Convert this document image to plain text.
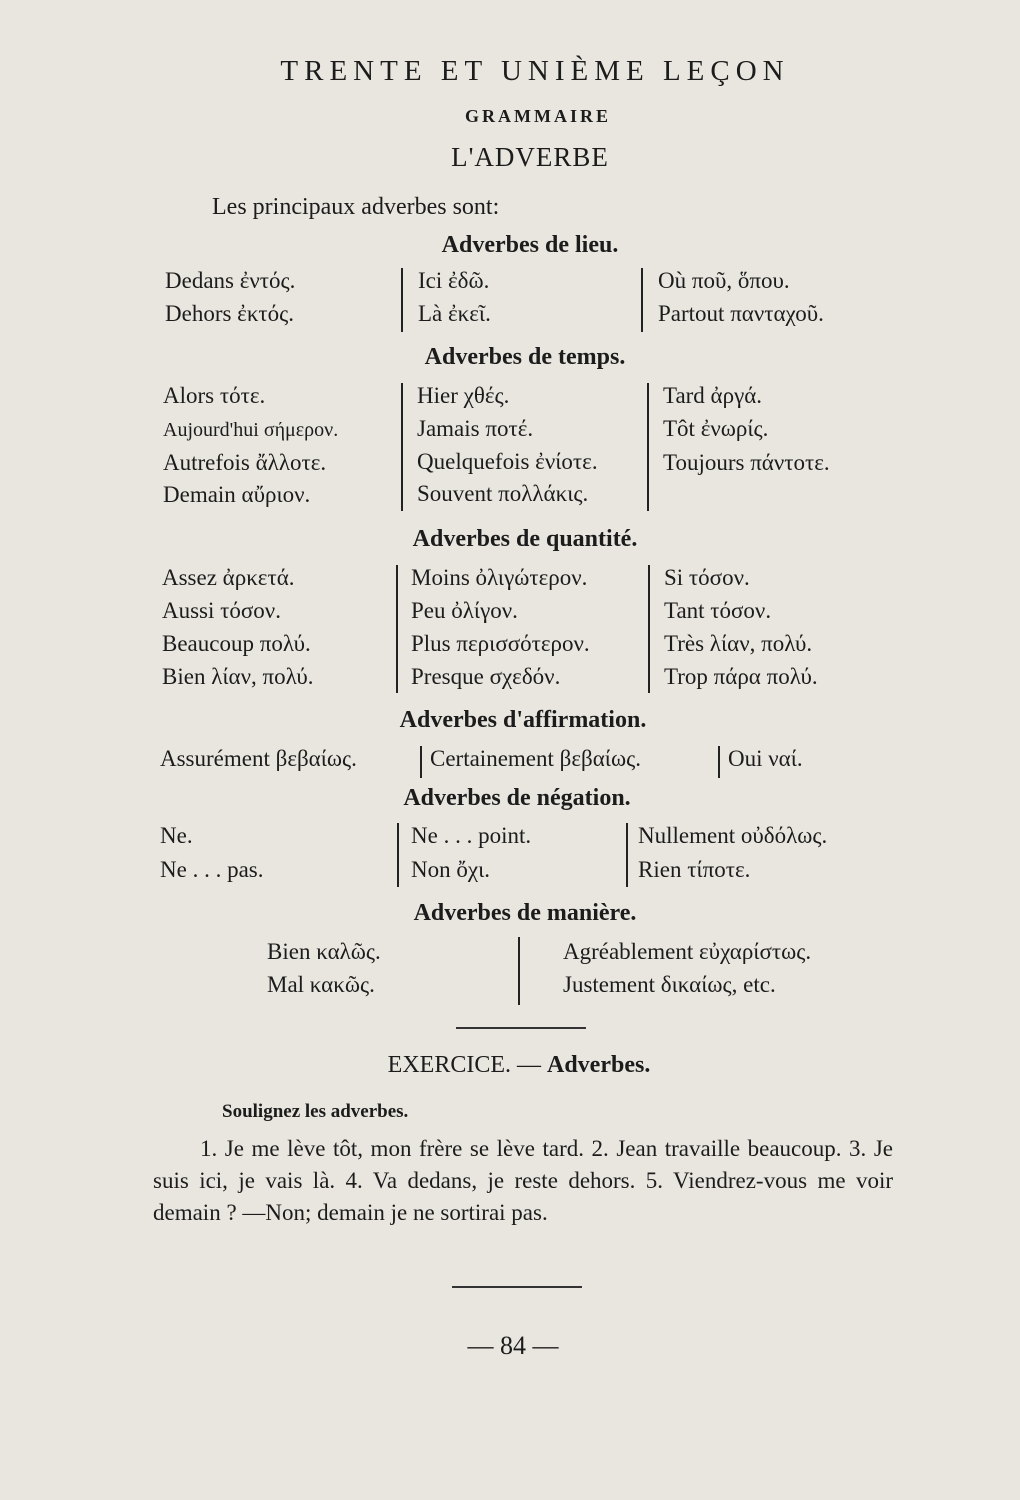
TRENTE ET UNIÈME LEÇON
GRAMMAIRE
L'ADVERBE
Les principaux adverbes sont:
Adverbes de lieu.
Dedans ἐντός.
Dehors ἐκτός.
Ici ἐδῶ.
Là ἐκεῖ.
Où ποῦ, ὅπου.
Partout πανταχοῦ.
Adverbes de temps.
Alors τότε.
Aujourd'hui σήμερον.
Autrefois ἄλλοτε.
Demain αὔριον.
Hier χθές.
Jamais ποτέ.
Quelquefois ἐνίοτε.
Souvent πολλάκις.
Tard ἀργά.
Tôt ἐνωρίς.
Toujours πάντοτε.
Adverbes de quantité.
Assez ἀρκετά.
Aussi τόσον.
Beaucoup πολύ.
Bien λίαν, πολύ.
Moins ὀλιγώτερον.
Peu ὀλίγον.
Plus περισσότερον.
Presque σχεδόν.
Si τόσον.
Tant τόσον.
Très λίαν, πολύ.
Trop πάρα πολύ.
Adverbes d'affirmation.
Assurément βεβαίως.	Certainement βεβαίως.	Oui ναί.
Adverbes de négation.
Ne.
Ne . . . pas.
Ne . . . point.
Non ὄχι.
Nullement οὐδόλως.
Rien τίποτε.
Adverbes de manière.
Bien καλῶς.
Mal κακῶς.
Agréablement εὐχαρίστως.
Justement δικαίως, etc.
EXERCICE. — Adverbes.
Soulignez les adverbes.

1. Je me lève tôt, mon frère se lève tard. 2. Jean travaille beaucoup. 3. Je suis ici, je vais là. 4. Va dedans, je reste dehors. 5. Viendrez-vous me voir demain ? —Non; demain je ne sortirai pas.

— 84 —
